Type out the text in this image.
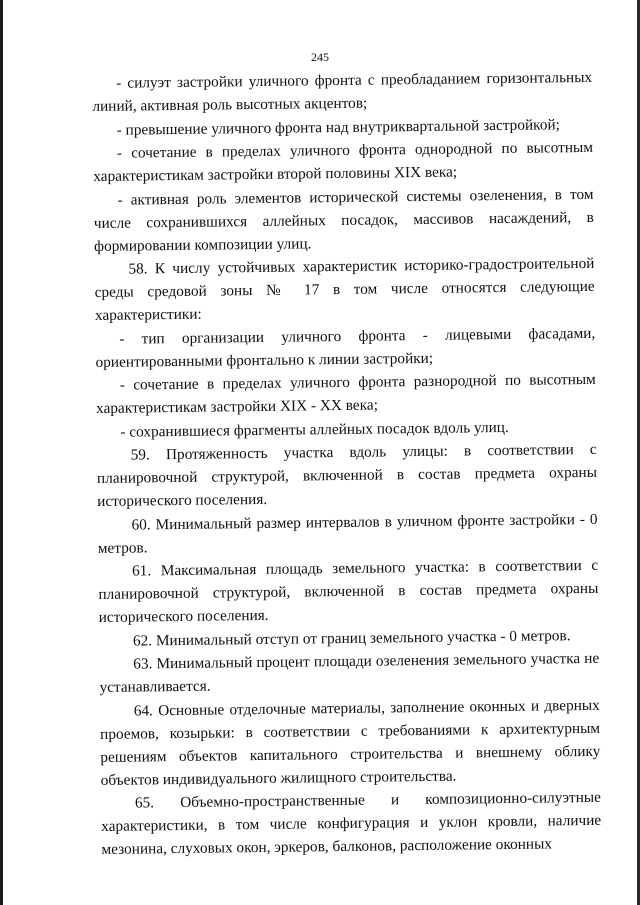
245

- силуэт застройки уличного фронта с преобладанием горизонтальных линий, активная роль высотных акцентов;

- превышение уличного фронта над внутриквартальной застройкой;

- сочетание в пределах уличного фронта однородной по высотным характеристикам застройки второй половины XIX века;

- активная роль элементов исторической системы озеленения, в том числе сохранившихся аллейных посадок, массивов насаждений, в формировании композиции улиц.

58. К числу устойчивых характеристик историко-градостроительной среды средовой зоны № 17 в том числе относятся следующие характеристики:

- тип организации уличного фронта - лицевыми фасадами, ориентированными фронтально к линии застройки;

- сочетание в пределах уличного фронта разнородной по высотным характеристикам застройки XIX - XX века;

- сохранившиеся фрагменты аллейных посадок вдоль улиц.

59. Протяженность участка вдоль улицы: в соответствии с планировочной структурой, включенной в состав предмета охраны исторического поселения.

60. Минимальный размер интервалов в уличном фронте застройки - 0 метров.

61. Максимальная площадь земельного участка: в соответствии с планировочной структурой, включенной в состав предмета охраны исторического поселения.

62. Минимальный отступ от границ земельного участка - 0 метров.

63. Минимальный процент площади озеленения земельного участка не устанавливается.

64. Основные отделочные материалы, заполнение оконных и дверных проемов, козырьки: в соответствии с требованиями к архитектурным решениям объектов капитального строительства и внешнему облику объектов индивидуального жилищного строительства.

65. Объемно-пространственные и композиционно-силуэтные характеристики, в том числе конфигурация и уклон кровли, наличие мезонина, слуховых окон, эркеров, балконов, расположение оконных
